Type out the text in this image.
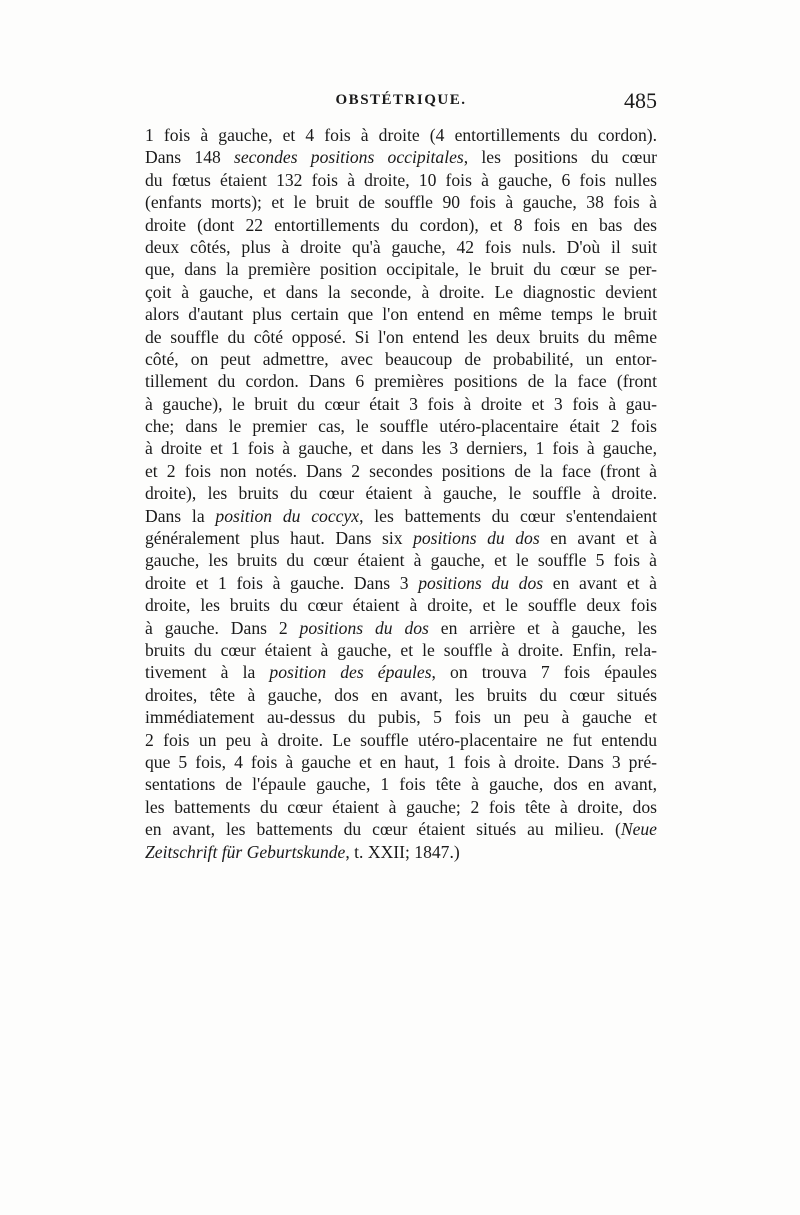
OBSTÉTRIQUE.	485
1 fois à gauche, et 4 fois à droite (4 entortillements du cordon).
Dans 148 secondes positions occipitales, les positions du cœur
du fœtus étaient 132 fois à droite, 10 fois à gauche, 6 fois nulles
(enfants morts); et le bruit de souffle 90 fois à gauche, 38 fois à
droite (dont 22 entortillements du cordon), et 8 fois en bas des
deux côtés, plus à droite qu'à gauche, 42 fois nuls. D'où il suit
que, dans la première position occipitale, le bruit du cœur se per-
çoit à gauche, et dans la seconde, à droite. Le diagnostic devient
alors d'autant plus certain que l'on entend en même temps le bruit
de souffle du côté opposé. Si l'on entend les deux bruits du même
côté, on peut admettre, avec beaucoup de probabilité, un entor-
tillement du cordon. Dans 6 premières positions de la face (front
à gauche), le bruit du cœur était 3 fois à droite et 3 fois à gau-
che; dans le premier cas, le souffle utéro-placentaire était 2 fois
à droite et 1 fois à gauche, et dans les 3 derniers, 1 fois à gauche,
et 2 fois non notés. Dans 2 secondes positions de la face (front à
droite), les bruits du cœur étaient à gauche, le souffle à droite.
Dans la position du coccyx, les battements du cœur s'entendaient
généralement plus haut. Dans six positions du dos en avant et à
gauche, les bruits du cœur étaient à gauche, et le souffle 5 fois à
droite et 1 fois à gauche. Dans 3 positions du dos en avant et à
droite, les bruits du cœur étaient à droite, et le souffle deux fois
à gauche. Dans 2 positions du dos en arrière et à gauche, les
bruits du cœur étaient à gauche, et le souffle à droite. Enfin, rela-
tivement à la position des épaules, on trouva 7 fois épaules
droites, tête à gauche, dos en avant, les bruits du cœur situés
immédiatement au-dessus du pubis, 5 fois un peu à gauche et
2 fois un peu à droite. Le souffle utéro-placentaire ne fut entendu
que 5 fois, 4 fois à gauche et en haut, 1 fois à droite. Dans 3 pré-
sentations de l'épaule gauche, 1 fois tête à gauche, dos en avant,
les battements du cœur étaient à gauche; 2 fois tête à droite, dos
en avant, les battements du cœur étaient situés au milieu. (Neue
Zeitschrift für Geburtskunde, t. XXII; 1847.)
